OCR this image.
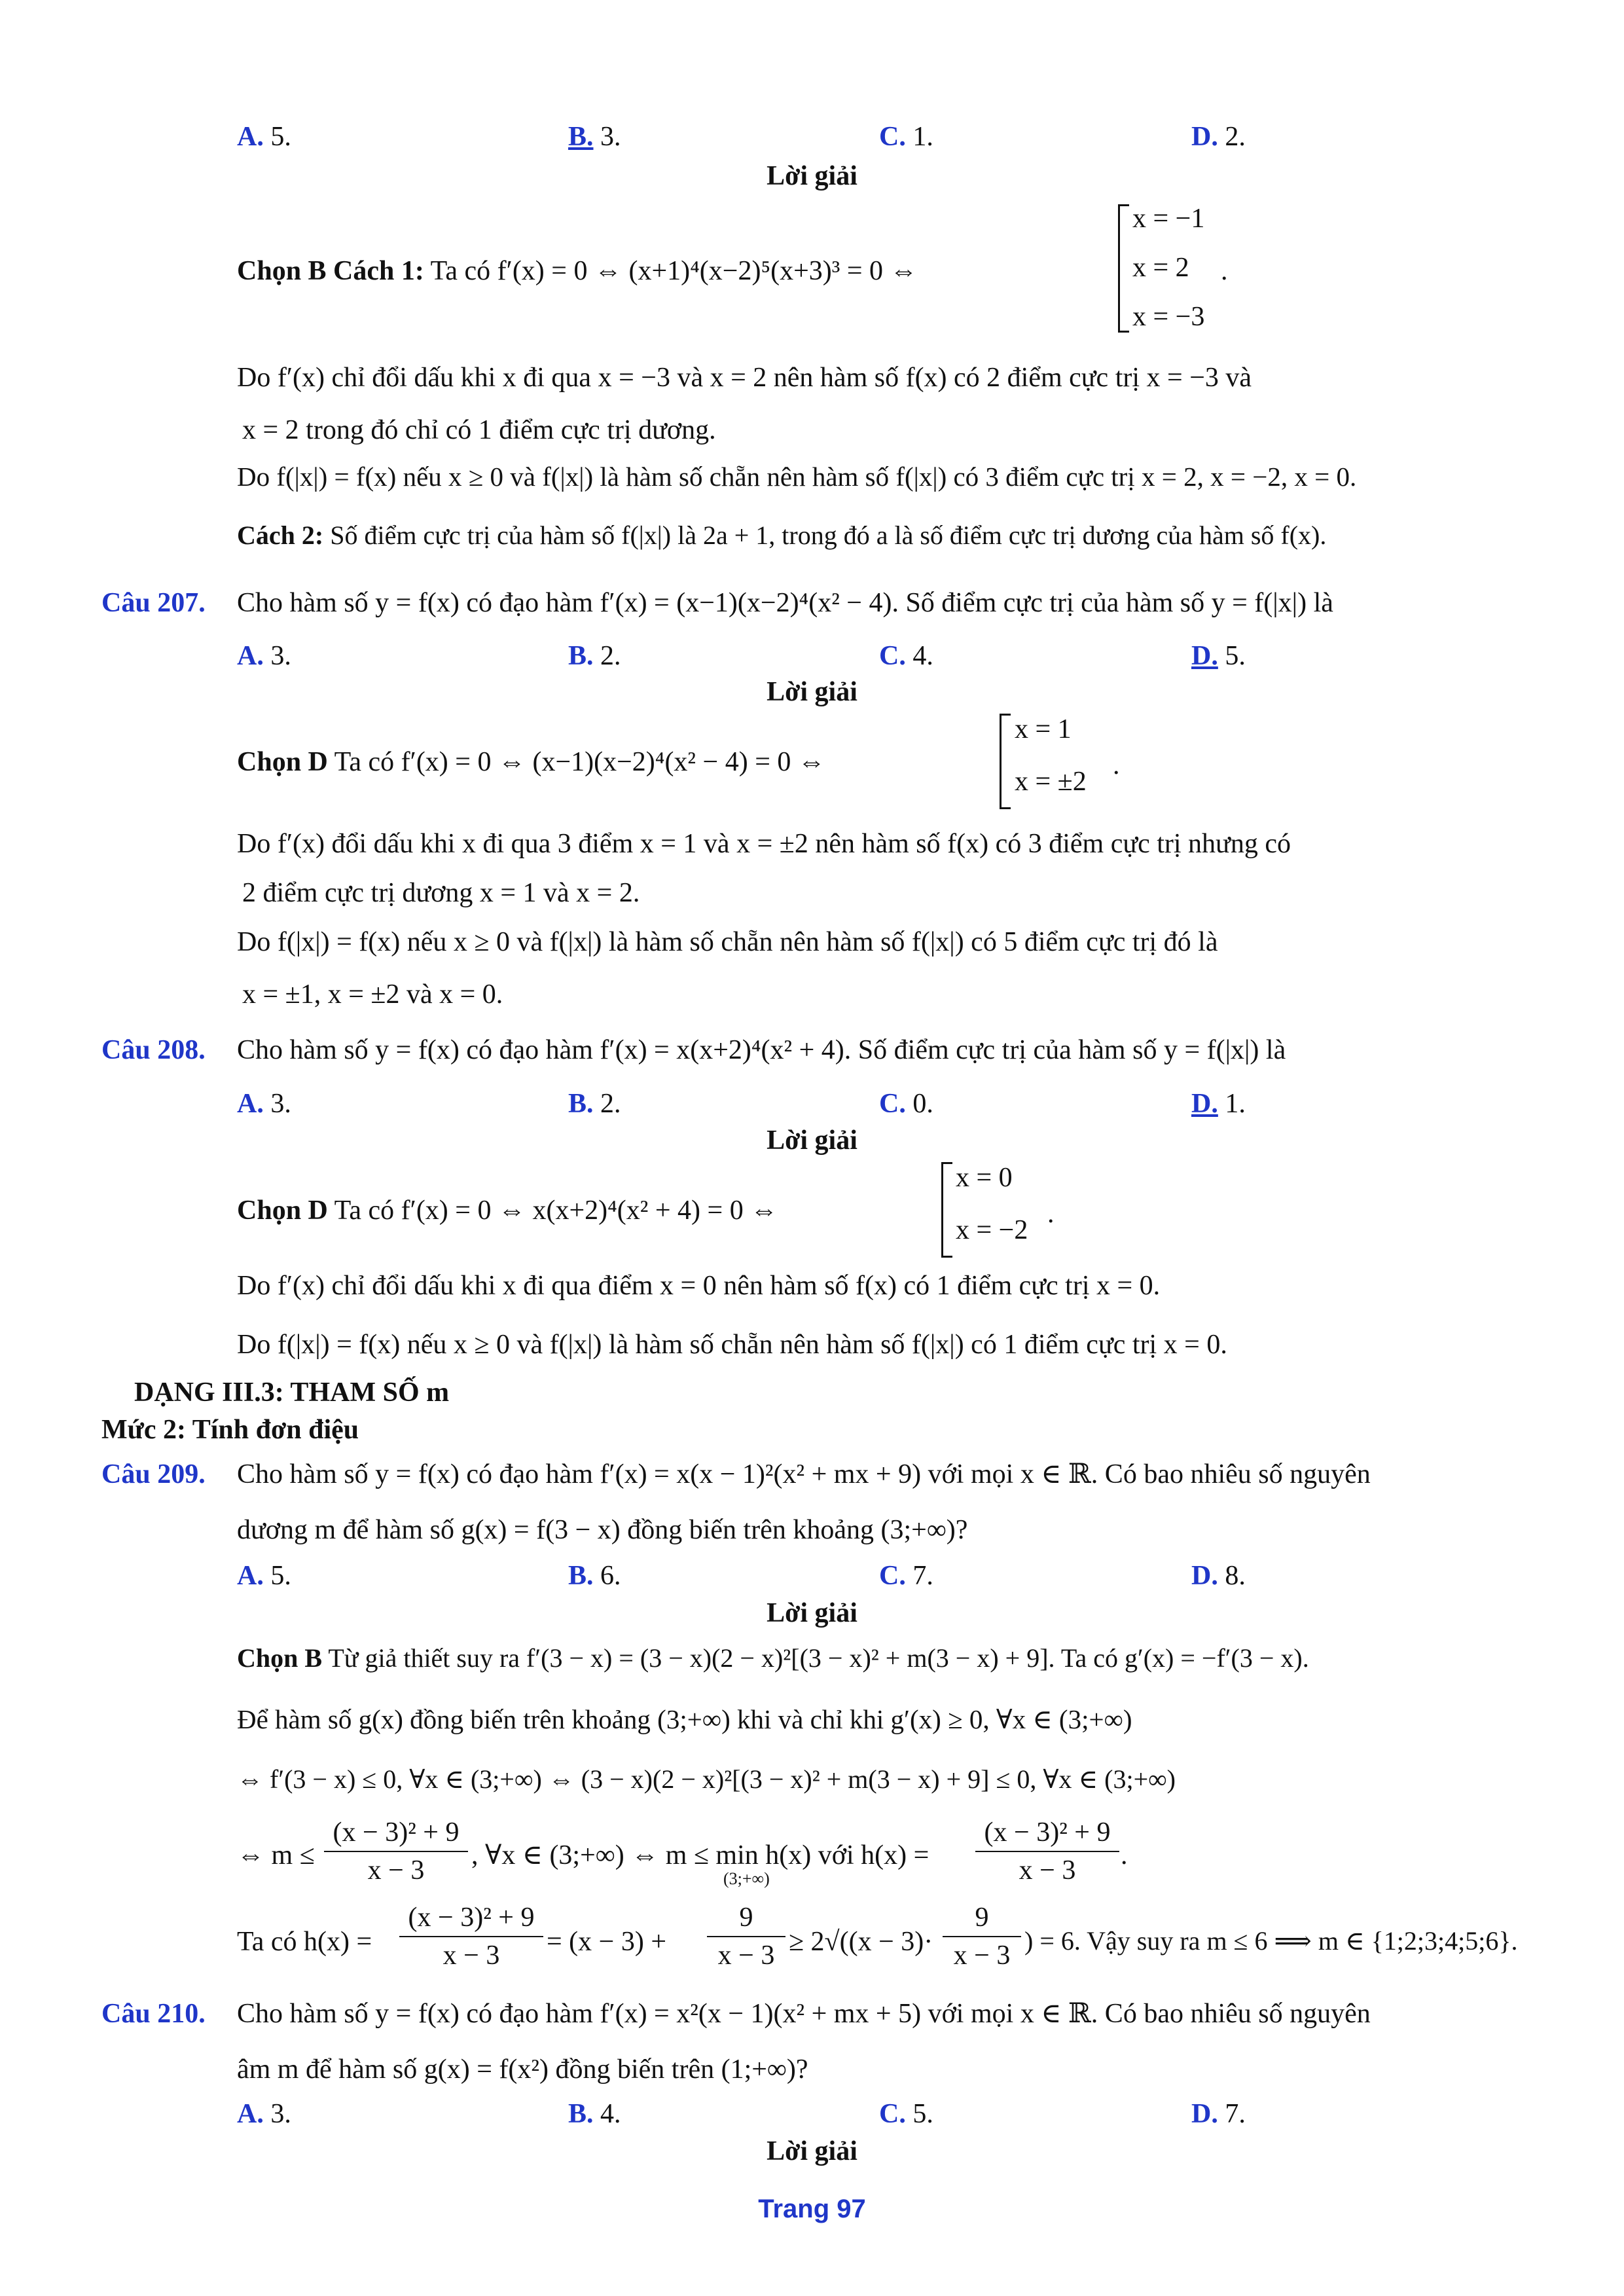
A. 5.	B. 3.	C. 1.	D. 2.
Lời giải
Chọn B Cách 1: Ta có f′(x) = 0 ⇔ (x+1)⁴(x−2)⁵(x+3)³ = 0 ⇔
x = −1
x = 2
x = −3
.
Do f′(x) chỉ đổi dấu khi x đi qua x = −3 và x = 2 nên hàm số f(x) có 2 điểm cực trị x = −3 và
x = 2 trong đó chỉ có 1 điểm cực trị dương.
Do f(|x|) = f(x) nếu x ≥ 0 và f(|x|) là hàm số chẵn nên hàm số f(|x|) có 3 điểm cực trị x = 2, x = −2, x = 0.
Cách 2: Số điểm cực trị của hàm số f(|x|) là 2a + 1, trong đó a là số điểm cực trị dương của hàm số f(x).
Câu 207. Cho hàm số y = f(x) có đạo hàm f′(x) = (x−1)(x−2)⁴(x² − 4). Số điểm cực trị của hàm số y = f(|x|) là
A. 3.	B. 2.	C. 4.	D. 5.
Lời giải
Chọn D Ta có f′(x) = 0 ⇔ (x−1)(x−2)⁴(x² − 4) = 0 ⇔
x = 1
x = ±2
.
Do f′(x) đổi dấu khi x đi qua 3 điểm x = 1 và x = ±2 nên hàm số f(x) có 3 điểm cực trị nhưng có
2 điểm cực trị dương x = 1 và x = 2.
Do f(|x|) = f(x) nếu x ≥ 0 và f(|x|) là hàm số chẵn nên hàm số f(|x|) có 5 điểm cực trị đó là
x = ±1, x = ±2 và x = 0.
Câu 208. Cho hàm số y = f(x) có đạo hàm f′(x) = x(x+2)⁴(x² + 4). Số điểm cực trị của hàm số y = f(|x|) là
A. 3.	B. 2.	C. 0.	D. 1.
Lời giải
Chọn D Ta có f′(x) = 0 ⇔ x(x+2)⁴(x² + 4) = 0 ⇔
x = 0
x = −2
.
Do f′(x) chỉ đổi dấu khi x đi qua điểm x = 0 nên hàm số f(x) có 1 điểm cực trị x = 0.
Do f(|x|) = f(x) nếu x ≥ 0 và f(|x|) là hàm số chẵn nên hàm số f(|x|) có 1 điểm cực trị x = 0.
DẠNG III.3: THAM SỐ m
Mức 2: Tính đơn điệu
Câu 209. Cho hàm số y = f(x) có đạo hàm f′(x) = x(x − 1)²(x² + mx + 9) với mọi x ∈ ℝ. Có bao nhiêu số nguyên
dương m để hàm số g(x) = f(3 − x) đồng biến trên khoảng (3;+∞)?
A. 5.	B. 6.	C. 7.	D. 8.
Lời giải
Chọn B Từ giả thiết suy ra f′(3 − x) = (3 − x)(2 − x)²[(3 − x)² + m(3 − x) + 9]. Ta có g′(x) = −f′(3 − x).
Để hàm số g(x) đồng biến trên khoảng (3;+∞) khi và chỉ khi g′(x) ≥ 0, ∀x ∈ (3;+∞)
⇔ f′(3 − x) ≤ 0, ∀x ∈ (3;+∞) ⇔ (3 − x)(2 − x)²[(3 − x)² + m(3 − x) + 9] ≤ 0, ∀x ∈ (3;+∞)
⇔ m ≤
(x − 3)² + 9
x − 3	, ∀x ∈ (3;+∞) ⇔ m ≤ min h(x) với h(x) =
(3;+∞)
(x − 3)² + 9
x − 3	.
Ta có h(x) =
(x − 3)² + 9
x − 3	= (x − 3) +
9
x − 3 ≥ 2√((x − 3)·
9
x − 3 ) = 6. Vậy suy ra m ≤ 6 ⟹ m ∈ {1;2;3;4;5;6}.
Câu 210. Cho hàm số y = f(x) có đạo hàm f′(x) = x²(x − 1)(x² + mx + 5) với mọi x ∈ ℝ. Có bao nhiêu số nguyên
âm m để hàm số g(x) = f(x²) đồng biến trên (1;+∞)?
A. 3.	B. 4.	C. 5.	D. 7.
Lời giải
Trang 97
